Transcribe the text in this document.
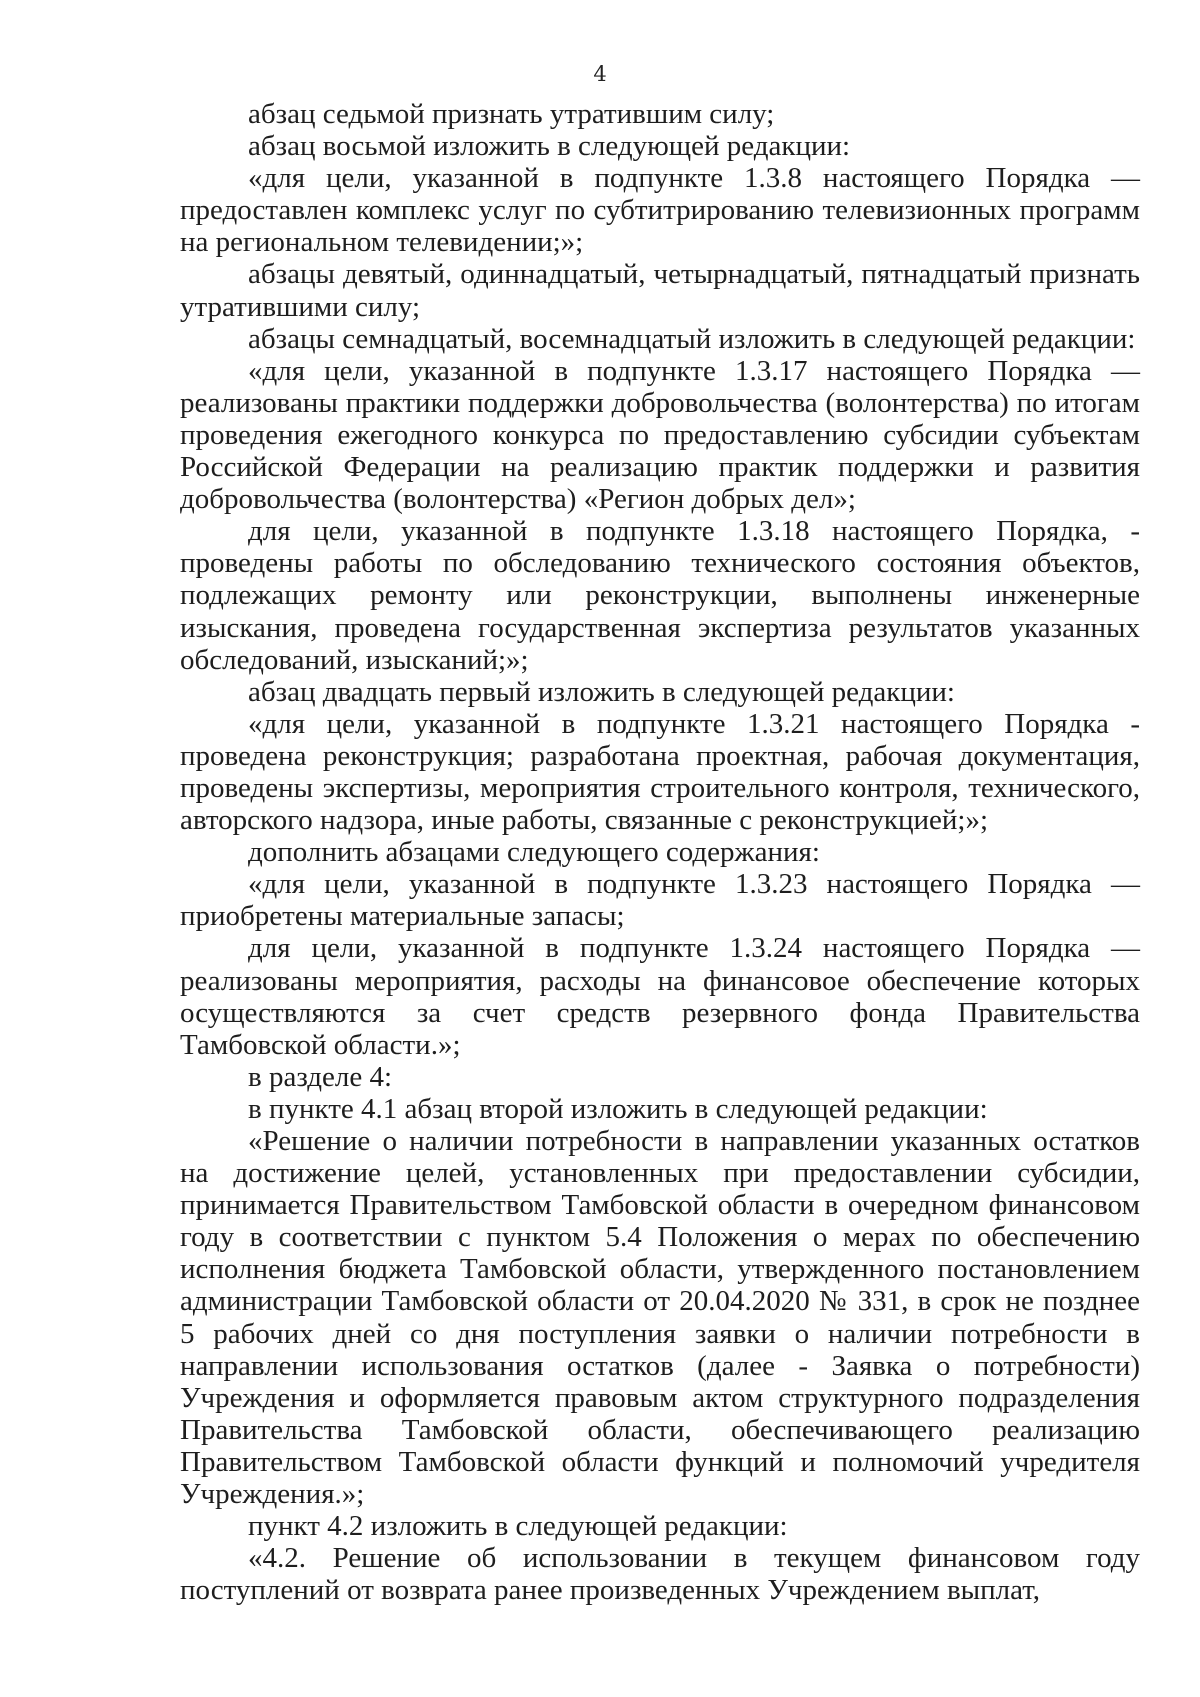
4

абзац седьмой признать утратившим силу;

абзац восьмой изложить в следующей редакции:

«для цели, указанной в подпункте 1.3.8 настоящего Порядка — предоставлен комплекс услуг по субтитрированию телевизионных программ на региональном телевидении;»;

абзацы девятый, одиннадцатый, четырнадцатый, пятнадцатый признать утратившими силу;

абзацы семнадцатый, восемнадцатый изложить в следующей редакции:

«для цели, указанной в подпункте 1.3.17 настоящего Порядка — реализованы практики поддержки добровольчества (волонтерства) по итогам проведения ежегодного конкурса по предоставлению субсидии субъектам Российской Федерации на реализацию практик поддержки и развития добровольчества (волонтерства) «Регион добрых дел»;

для цели, указанной в подпункте 1.3.18 настоящего Порядка, - проведены работы по обследованию технического состояния объектов, подлежащих ремонту или реконструкции, выполнены инженерные изыскания, проведена государственная экспертиза результатов указанных обследований, изысканий;»;

абзац двадцать первый изложить в следующей редакции:

«для цели, указанной в подпункте 1.3.21 настоящего Порядка - проведена реконструкция; разработана проектная, рабочая документация, проведены экспертизы, мероприятия строительного контроля, технического, авторского надзора, иные работы, связанные с реконструкцией;»;

дополнить абзацами следующего содержания:

«для цели, указанной в подпункте 1.3.23 настоящего Порядка — приобретены материальные запасы;

для цели, указанной в подпункте 1.3.24 настоящего Порядка — реализованы мероприятия, расходы на финансовое обеспечение которых осуществляются за счет средств резервного фонда Правительства Тамбовской области.»;

в разделе 4:

в пункте 4.1 абзац второй изложить в следующей редакции:

«Решение о наличии потребности в направлении указанных остатков на достижение целей, установленных при предоставлении субсидии, принимается Правительством Тамбовской области в очередном финансовом году в соответствии с пунктом 5.4 Положения о мерах по обеспечению исполнения бюджета Тамбовской области, утвержденного постановлением администрации Тамбовской области от 20.04.2020 № 331, в срок не позднее 5 рабочих дней со дня поступления заявки о наличии потребности в направлении использования остатков (далее - Заявка о потребности) Учреждения и оформляется правовым актом структурного подразделения Правительства Тамбовской области, обеспечивающего реализацию Правительством Тамбовской области функций и полномочий учредителя Учреждения.»;

пункт 4.2 изложить в следующей редакции:

«4.2. Решение об использовании в текущем финансовом году поступлений от возврата ранее произведенных Учреждением выплат,
